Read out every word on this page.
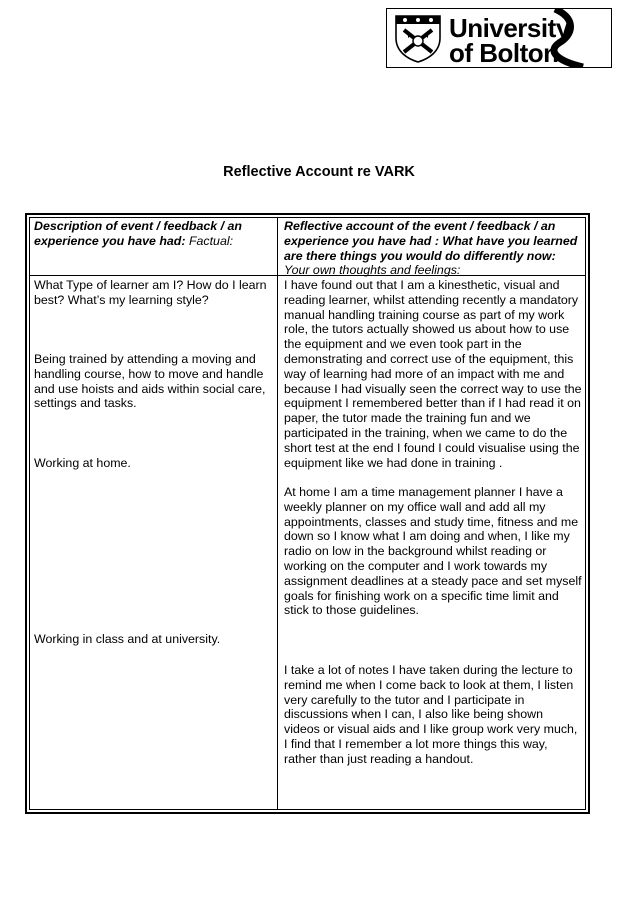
University
of Bolton
Reflective Account re VARK
Description of event / feedback / an experience you have had: Factual:
Reflective account of the event / feedback / an experience you have had : What have you learned are there things you would do differently now: Your own thoughts and feelings:
What Type of learner am I? How do I learn best? What’s my learning style?
Being trained by attending a moving and handling course, how to move and handle and use hoists and aids within social care, settings and tasks.
Working at home.
Working in class and at university.
I have found out that I am a kinesthetic, visual and reading learner, whilst attending recently a mandatory manual handling training course as part of my work role, the tutors actually showed us about how to use the equipment and we even took part in the demonstrating and correct use of the equipment, this way of learning had more of an impact with me and because I had visually seen the correct way to use the equipment I remembered better than if I had read it on paper, the tutor made the training fun and we participated in the training, when we came to do the short test at the end I found I could visualise using the equipment like we had done in training .
At home I am a time management planner I have a weekly planner on my office wall and add all my appointments, classes and study time, fitness and me down so I know what I am doing and when, I like my radio on low in the background whilst reading or working on the computer and I work towards my assignment deadlines at a steady pace and set myself goals for finishing work on a specific time limit and stick to those guidelines.
I take a lot of notes I have taken during the lecture to remind me when I come back to look at them, I listen very carefully to the tutor and I participate in discussions when I can, I also like being shown videos or visual aids and I like group work very much, I find that I remember a lot more things this way, rather than just reading a handout.
